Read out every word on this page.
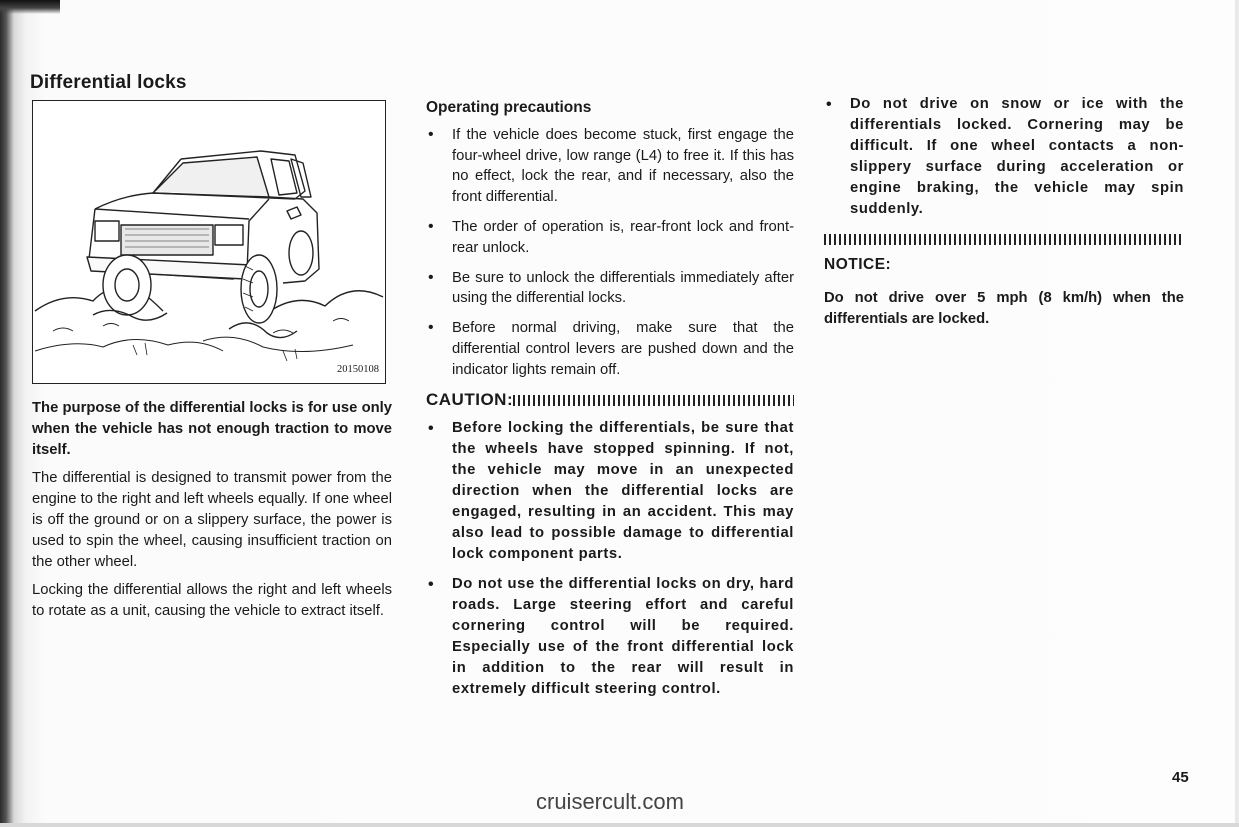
Differential locks
20150108

The purpose of the differential locks is for use only when the vehicle has not enough traction to move itself.

The differential is designed to transmit power from the engine to the right and left wheels equally. If one wheel is off the ground or on a slippery surface, the power is used to spin the wheel, causing insufficient traction on the other wheel.

Locking the differential allows the right and left wheels to rotate as a unit, causing the vehicle to extract itself.

Operating precautions
• If the vehicle does become stuck, first engage the four-wheel drive, low range (L4) to free it. If this has no effect, lock the rear, and if necessary, also the front differential.
• The order of operation is, rear-front lock and front-rear unlock.
• Be sure to unlock the differentials immediately after using the differential locks.
• Before normal driving, make sure that the differential control levers are pushed down and the indicator lights remain off.
CAUTION:
• Before locking the differentials, be sure that the wheels have stopped spinning. If not, the vehicle may move in an unexpected direction when the differential locks are engaged, resulting in an accident. This may also lead to possible damage to differential lock component parts.
• Do not use the differential locks on dry, hard roads. Large steering effort and careful cornering control will be required. Especially use of the front differential lock in addition to the rear will result in extremely difficult steering control.
• Do not drive on snow or ice with the differentials locked. Cornering may be difficult. If one wheel contacts a non-slippery surface during acceleration or engine braking, the vehicle may spin suddenly.
NOTICE:
Do not drive over 5 mph (8 km/h) when the differentials are locked.
45
cruisercult.com
